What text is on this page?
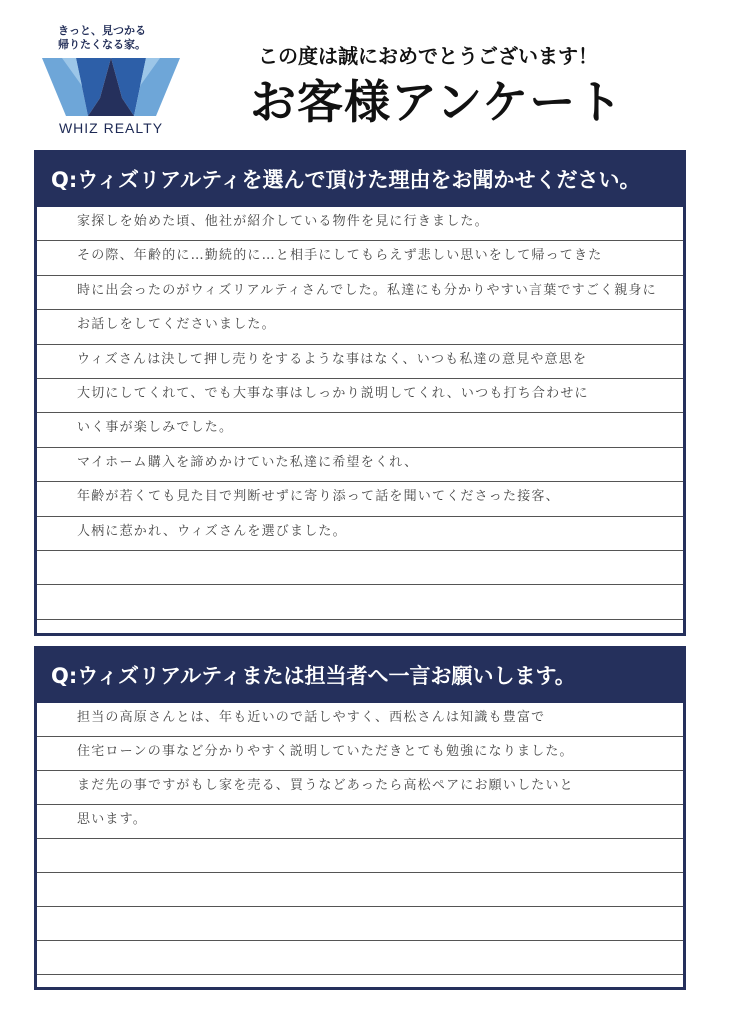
きっと、見つかる
帰りたくなる家。
WHIZ REALTY
この度は誠におめでとうございます！
お客様アンケート
Q:ウィズリアルティを選んで頂けた理由をお聞かせください。
家探しを始めた頃、他社が紹介している物件を見に行きました。
その際、年齢的に…勤続的に…と相手にしてもらえず悲しい思いをして帰ってきた
時に出会ったのがウィズリアルティさんでした。私達にも分かりやすい言葉ですごく親身に
お話しをしてくださいました。
ウィズさんは決して押し売りをするような事はなく、いつも私達の意見や意思を
大切にしてくれて、でも大事な事はしっかり説明してくれ、いつも打ち合わせに
いく事が楽しみでした。
マイホーム購入を諦めかけていた私達に希望をくれ、
年齢が若くても見た目で判断せずに寄り添って話を聞いてくださった接客、
人柄に惹かれ、ウィズさんを選びました。
Q:ウィズリアルティまたは担当者へ一言お願いします。
担当の高原さんとは、年も近いので話しやすく、西松さんは知識も豊富で
住宅ローンの事など分かりやすく説明していただきとても勉強になりました。
まだ先の事ですがもし家を売る、買うなどあったら高松ペアにお願いしたいと
思います。
